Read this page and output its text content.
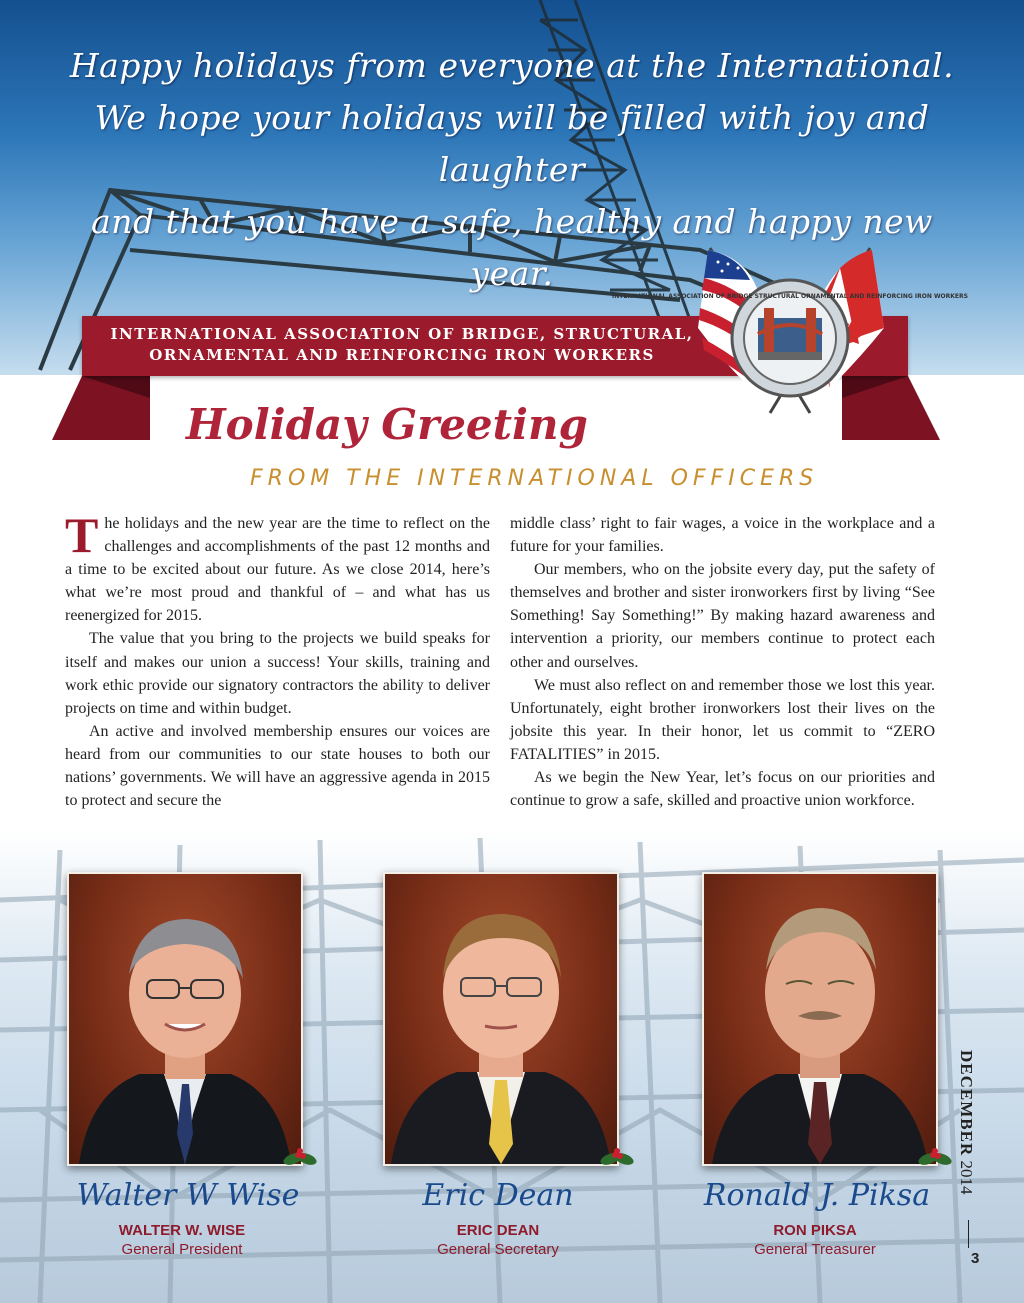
Happy holidays from everyone at the International.
We hope your holidays will be filled with joy and laughter
and that you have a safe, healthy and happy new year.
INTERNATIONAL ASSOCIATION OF BRIDGE, STRUCTURAL,
ORNAMENTAL AND REINFORCING IRON WORKERS
INTERNATIONAL ASSOCIATION OF BRIDGE STRUCTURAL ORNAMENTAL AND REINFORCING IRON WORKERS
Holiday Greeting
FROM THE INTERNATIONAL OFFICERS

The holidays and the new year are the time to reflect on the challenges and accomplishments of the past 12 months and a time to be excited about our future. As we close 2014, here’s what we’re most proud and thankful of – and what has us reenergized for 2015.

The value that you bring to the projects we build speaks for itself and makes our union a success! Your skills, training and work ethic provide our signatory contractors the ability to deliver projects on time and within budget.

An active and involved membership ensures our voices are heard from our communities to our state houses to both our nations’ governments. We will have an aggressive agenda in 2015 to protect and secure the

middle class’ right to fair wages, a voice in the workplace and a future for your families.

Our members, who on the jobsite every day, put the safety of themselves and brother and sister ironworkers first by living “See Something! Say Something!” By making hazard awareness and intervention a priority, our members continue to protect each other and ourselves.

We must also reflect on and remember those we lost this year. Unfortunately, eight brother ironworkers lost their lives on the jobsite this year. In their honor, let us commit to “ZERO FATALITIES” in 2015.

As we begin the New Year, let’s focus on our priorities and continue to grow a safe, skilled and proactive union workforce.

Walter W Wise	Eric Dean	Ronald J. Piksa
WALTER W. WISE
General President
ERIC DEAN
General Secretary
RON PIKSA
General Treasurer
DECEMBER 2014
3
